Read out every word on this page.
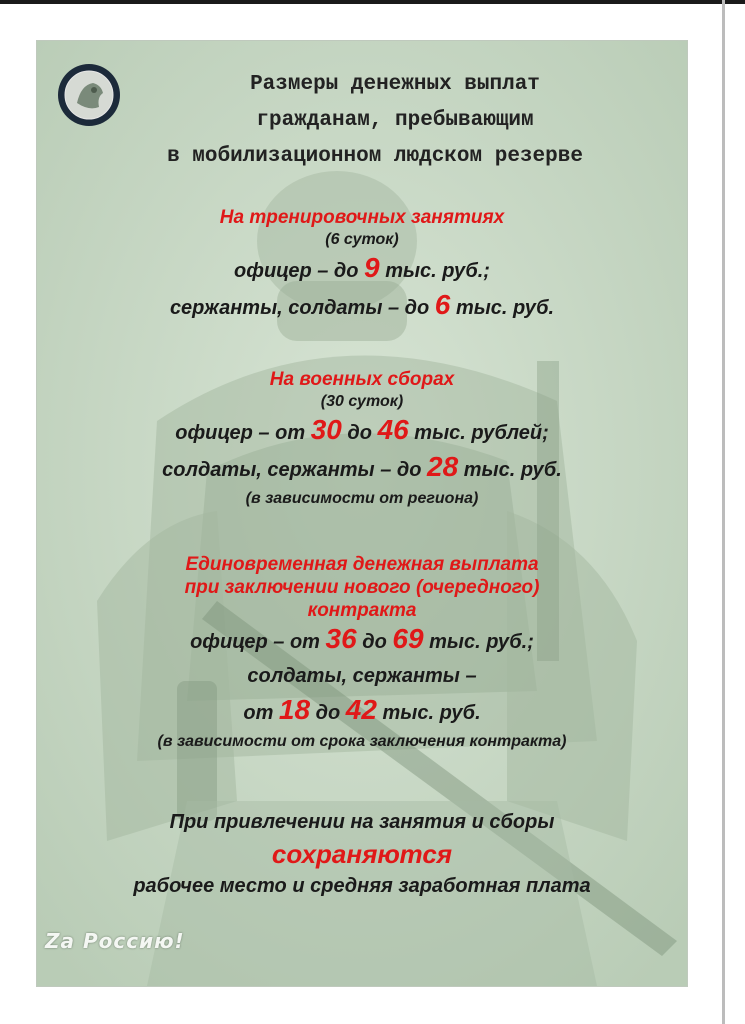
Размеры денежных выплат
гражданам, пребывающим
в мобилизационном людском резерве
На тренировочных занятиях
(6 суток)
офицер – до 9 тыс. руб.;
сержанты, солдаты – до 6 тыс. руб.
На военных сборах
(30 суток)
офицер – от 30 до 46 тыс. рублей;
солдаты, сержанты – до 28 тыс. руб.
(в зависимости от региона)
Единовременная денежная выплата
при заключении нового (очередного)
контракта
офицер – от 36 до 69 тыс. руб.;
солдаты, сержанты –
от 18 до 42 тыс. руб.
(в зависимости от срока заключения контракта)
При привлечении на занятия и сборы
сохраняются
рабочее место и средняя заработная плата
Zа Россию!
